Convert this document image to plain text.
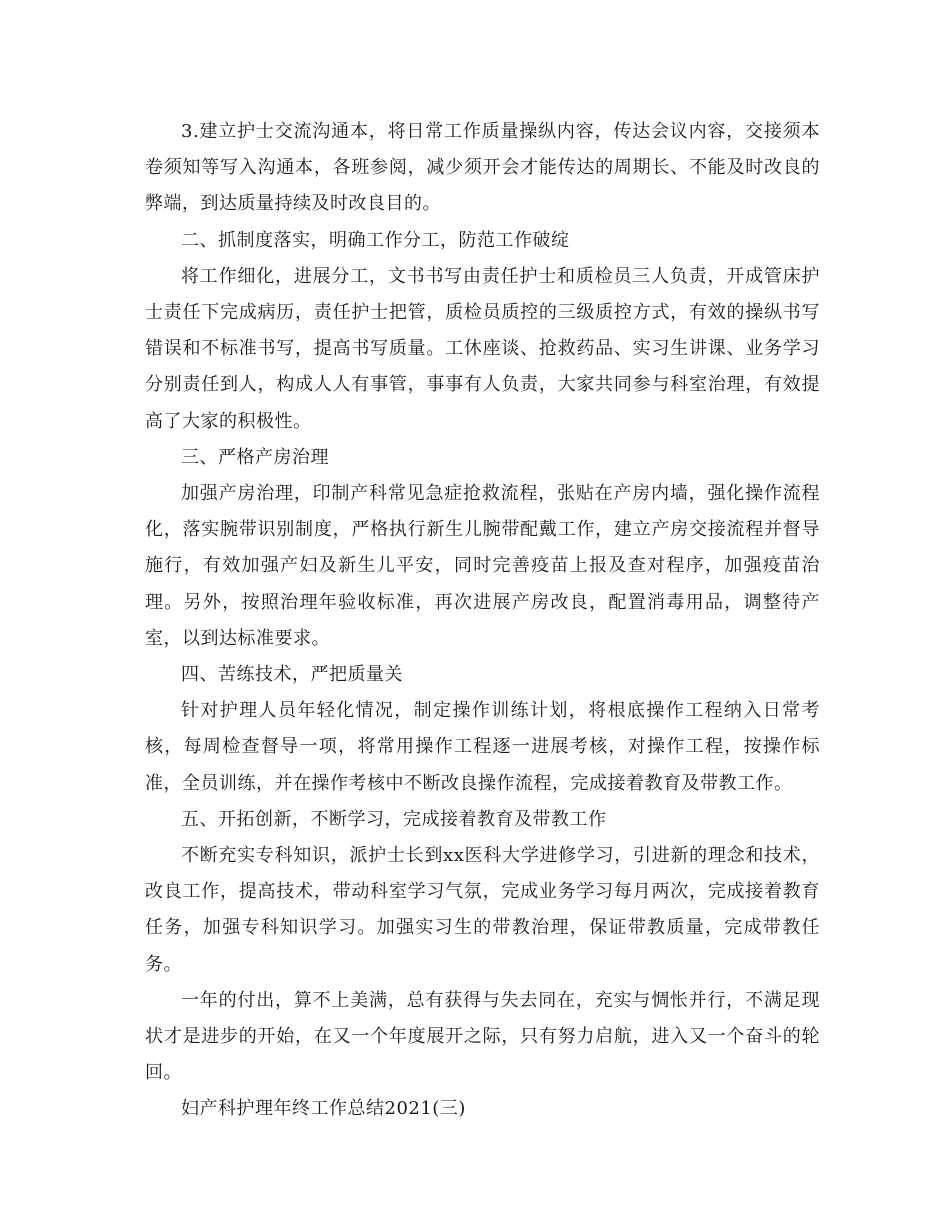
3.建立护士交流沟通本，将日常工作质量操纵内容，传达会议内容，交接须本卷须知等写入沟通本，各班参阅，减少须开会才能传达的周期长、不能及时改良的弊端，到达质量持续及时改良目的。

二、抓制度落实，明确工作分工，防范工作破绽

将工作细化，进展分工，文书书写由责任护士和质检员三人负责，开成管床护士责任下完成病历，责任护士把管，质检员质控的三级质控方式，有效的操纵书写错误和不标准书写，提高书写质量。工休座谈、抢救药品、实习生讲课、业务学习分别责任到人，构成人人有事管，事事有人负责，大家共同参与科室治理，有效提高了大家的积极性。

三、严格产房治理

加强产房治理，印制产科常见急症抢救流程，张贴在产房内墙，强化操作流程化，落实腕带识别制度，严格执行新生儿腕带配戴工作，建立产房交接流程并督导施行，有效加强产妇及新生儿平安，同时完善疫苗上报及查对程序，加强疫苗治理。另外，按照治理年验收标准，再次进展产房改良，配置消毒用品，调整待产室，以到达标准要求。

四、苦练技术，严把质量关

针对护理人员年轻化情况，制定操作训练计划，将根底操作工程纳入日常考核，每周检查督导一项，将常用操作工程逐一进展考核，对操作工程，按操作标准，全员训练，并在操作考核中不断改良操作流程，完成接着教育及带教工作。

五、开拓创新，不断学习，完成接着教育及带教工作

不断充实专科知识，派护士长到xx医科大学进修学习，引进新的理念和技术，改良工作，提高技术，带动科室学习气氛，完成业务学习每月两次，完成接着教育任务，加强专科知识学习。加强实习生的带教治理，保证带教质量，完成带教任务。

一年的付出，算不上美满，总有获得与失去同在，充实与惆怅并行，不满足现状才是进步的开始，在又一个年度展开之际，只有努力启航，进入又一个奋斗的轮回。

妇产科护理年终工作总结2021(三)
